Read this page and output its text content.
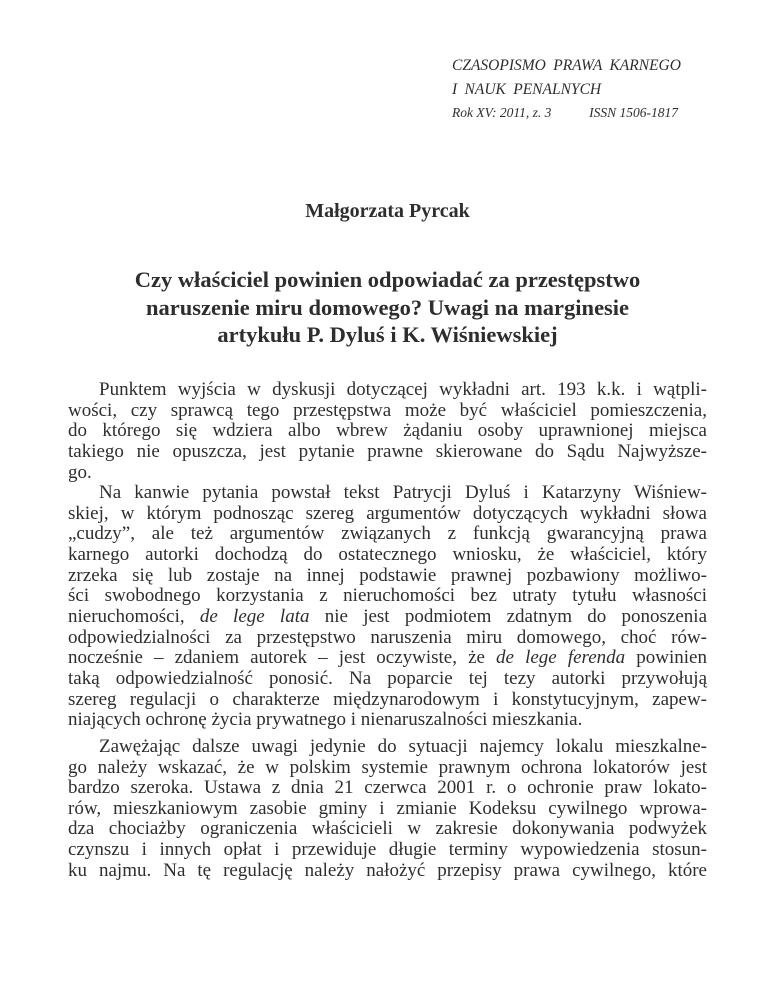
CZASOPISMO PRAWA KARNEGO
I NAUK PENALNYCH
Rok XV: 2011, z. 3	ISSN 1506-1817
Małgorzata Pyrcak
Czy właściciel powinien odpowiadać za przestępstwo
naruszenie miru domowego? Uwagi na marginesie
artykułu P. Dyluś i K. Wiśniewskiej
Punktem wyjścia w dyskusji dotyczącej wykładni art. 193 k.k. i wątpli-
wości, czy sprawcą tego przestępstwa może być właściciel pomieszczenia,
do którego się wdziera albo wbrew żądaniu osoby uprawnionej miejsca
takiego nie opuszcza, jest pytanie prawne skierowane do Sądu Najwyższe-
go.
Na kanwie pytania powstał tekst Patrycji Dyluś i Katarzyny Wiśniew-
skiej, w którym podnosząc szereg argumentów dotyczących wykładni słowa
„cudzy”, ale też argumentów związanych z funkcją gwarancyjną prawa
karnego autorki dochodzą do ostatecznego wniosku, że właściciel, który
zrzeka się lub zostaje na innej podstawie prawnej pozbawiony możliwo-
ści swobodnego korzystania z nieruchomości bez utraty tytułu własności
nieruchomości, de lege lata nie jest podmiotem zdatnym do ponoszenia
odpowiedzialności za przestępstwo naruszenia miru domowego, choć rów-
nocześnie – zdaniem autorek – jest oczywiste, że de lege ferenda powinien
taką odpowiedzialność ponosić. Na poparcie tej tezy autorki przywołują
szereg regulacji o charakterze międzynarodowym i konstytucyjnym, zapew-
niających ochronę życia prywatnego i nienaruszalności mieszkania.
Zawężając dalsze uwagi jedynie do sytuacji najemcy lokalu mieszkalne-
go należy wskazać, że w polskim systemie prawnym ochrona lokatorów jest
bardzo szeroka. Ustawa z dnia 21 czerwca 2001 r. o ochronie praw lokato-
rów, mieszkaniowym zasobie gminy i zmianie Kodeksu cywilnego wprowa-
dza chociażby ograniczenia właścicieli w zakresie dokonywania podwyżek
czynszu i innych opłat i przewiduje długie terminy wypowiedzenia stosun-
ku najmu. Na tę regulację należy nałożyć przepisy prawa cywilnego, które
